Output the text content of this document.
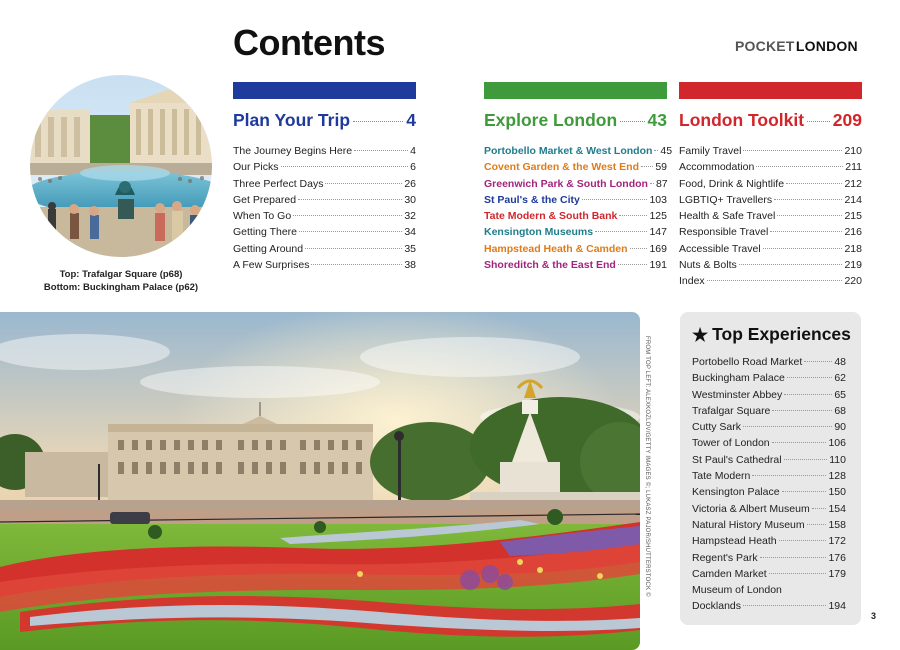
Contents	POCKET LONDON
Top: Trafalgar Square (p68)
Bottom: Buckingham Palace (p62)
Plan Your Trip	4
The Journey Begins Here	4
Our Picks	6
Three Perfect Days	26
Get Prepared	30
When To Go	32
Getting There	34
Getting Around	35
A Few Surprises	38
Explore London 43
Portobello Market & West London 45
Covent Garden & the West End 59
Greenwich Park & South London 87
St Paul's & the City	103
Tate Modern & South Bank	125
Kensington Museums	147
Hampstead Heath & Camden 169
Shoreditch & the East End	191
London Toolkit 209
Family Travel	210
Accommodation	211
Food, Drink & Nightlife	212
LGBTIQ+ Travellers	214
Health & Safe Travel	215
Responsible Travel	216
Accessible Travel	218
Nuts & Bolts	219
Index	220
FROM TOP LEFT: ALEXKOZLOV/GETTY IMAGES ©; LUKASZ PAJOR/SHUTTERSTOCK ©
★ Top Experiences
Portobello Road Market	48
Buckingham Palace	62
Westminster Abbey	65
Trafalgar Square	68
Cutty Sark	90
Tower of London	106
St Paul's Cathedral	110
Tate Modern	128
Kensington Palace	150
Victoria & Albert Museum 154
Natural History Museum 158
Hampstead Heath	172
Regent's Park	176
Camden Market	179
Museum of London
Docklands	194
3
